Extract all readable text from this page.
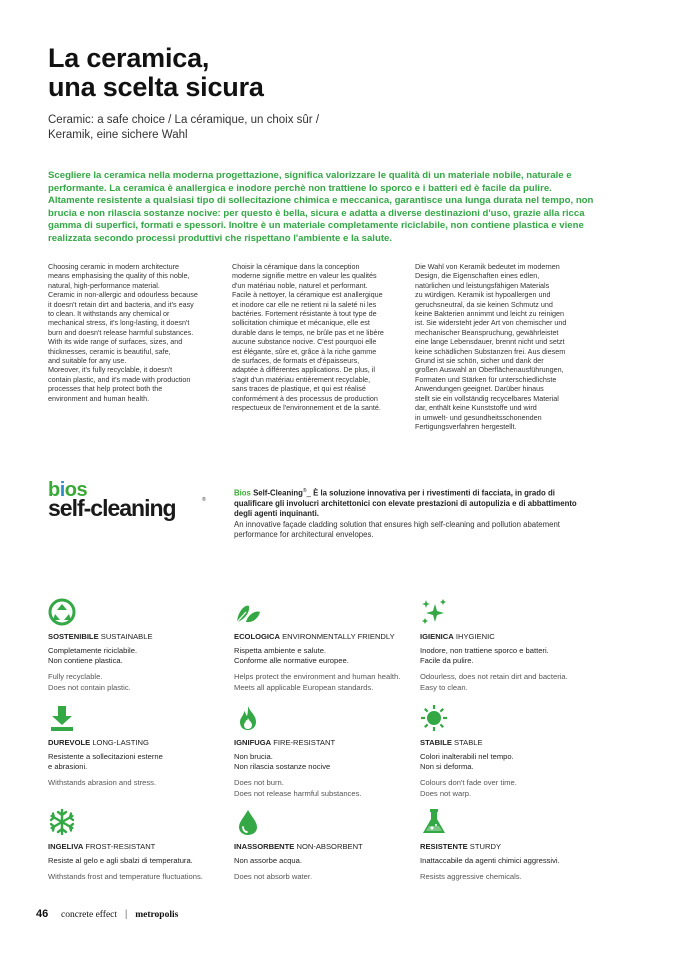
La ceramica,
una scelta sicura
Ceramic: a safe choice / La céramique, un choix sûr /
Keramik, eine sichere Wahl
Scegliere la ceramica nella moderna progettazione, significa valorizzare le qualità di un materiale nobile, naturale e performante. La ceramica è anallergica e inodore perchè non trattiene lo sporco e i batteri ed è facile da pulire. Altamente resistente a qualsiasi tipo di sollecitazione chimica e meccanica, garantisce una lunga durata nel tempo, non brucia e non rilascia sostanze nocive: per questo è bella, sicura e adatta a diverse destinazioni d'uso, grazie alla ricca gamma di superfici, formati e spessori. Inoltre è un materiale completamente riciclabile, non contiene plastica e viene realizzata secondo processi produttivi che rispettano l'ambiente e la salute.
Choosing ceramic in modern architecture
means emphasising the quality of this noble,
natural, high-performance material.
Ceramic in non-allergic and odourless because
it doesn't retain dirt and bacteria, and it's easy
to clean. It withstands any chemical or
mechanical stress, it's long-lasting, it doesn't
burn and doesn't release harmful substances.
With its wide range of surfaces, sizes, and
thicknesses, ceramic is beautiful, safe,
and suitable for any use.
Moreover, it's fully recyclable, it doesn't
contain plastic, and it's made with production
processes that help protect both the
environment and human health.
Choisir la céramique dans la conception
moderne signifie mettre en valeur les qualités
d'un matériau noble, naturel et performant.
Facile à nettoyer, la céramique est anallergique
et inodore car elle ne retient ni la saleté ni les
bactéries. Fortement résistante à tout type de
sollicitation chimique et mécanique, elle est
durable dans le temps, ne brûle pas et ne libère
aucune substance nocive. C'est pourquoi elle
est élégante, sûre et, grâce à la riche gamme
de surfaces, de formats et d'épaisseurs,
adaptée à différentes applications. De plus, il
s'agit d'un matériau entièrement recyclable,
sans traces de plastique, et qui est réalisé
conformément à des processus de production
respectueux de l'environnement et de la santé.
Die Wahl von Keramik bedeutet im modernen
Design, die Eigenschaften eines edlen,
natürlichen und leistungsfähigen Materials
zu würdigen. Keramik ist hypoallergen und
geruchsneutral, da sie keinen Schmutz und
keine Bakterien annimmt und leicht zu reinigen
ist. Sie widersteht jeder Art von chemischer und
mechanischer Beanspruchung, gewährleistet
eine lange Lebensdauer, brennt nicht und setzt
keine schädlichen Substanzen frei. Aus diesem
Grund ist sie schön, sicher und dank der
großen Auswahl an Oberflächenausführungen,
Formaten und Stärken für unterschiedlichste
Anwendungen geeignet. Darüber hinaus
stellt sie ein vollständig recycelbares Material
dar, enthält keine Kunststoffe und wird
in umwelt- und gesundheitsschonenden
Fertigungsverfahren hergestellt.
bios
self-cleaning	®
Bios Self-Cleaning®_ È la soluzione innovativa per i rivestimenti di facciata, in grado di qualificare gli involucri architettonici con elevate prestazioni di autopulizia e di abbattimento degli agenti inquinanti.
An innovative façade cladding solution that ensures high self-cleaning and pollution abatement performance for architectural envelopes.
SOSTENIBILE SUSTAINABLE
Completamente riciclabile.
Non contiene plastica.
Fully recyclable.
Does not contain plastic.
ECOLOGICA ENVIRONMENTALLY FRIENDLY
Rispetta ambiente e salute.
Conforme alle normative europee.
Helps protect the environment and human health.
Meets all applicable European standards.
IGIENICA IHYGIENIC
Inodore, non trattiene sporco e batteri.
Facile da pulire.
Odourless, does not retain dirt and bacteria.
Easy to clean.
DUREVOLE LONG-LASTING
Resistente a sollecitazioni esterne
e abrasioni.
Withstands abrasion and stress.
IGNIFUGA FIRE-RESISTANT
Non brucia.
Non rilascia sostanze nocive
Does not burn.
Does not release harmful substances.
STABILE STABLE
Colori inalterabili nel tempo.
Non si deforma.
Colours don't fade over time.
Does not warp.
INGELIVA FROST-RESISTANT
Resiste al gelo e agli sbalzi di temperatura.
Withstands frost and temperature fluctuations.
INASSORBENTE NON-ABSORBENT
Non assorbe acqua.
Does not absorb water.
RESISTENTE STURDY
Inattaccabile da agenti chimici aggressivi.
Resists aggressive chemicals.
46 concrete effect | metropolis
